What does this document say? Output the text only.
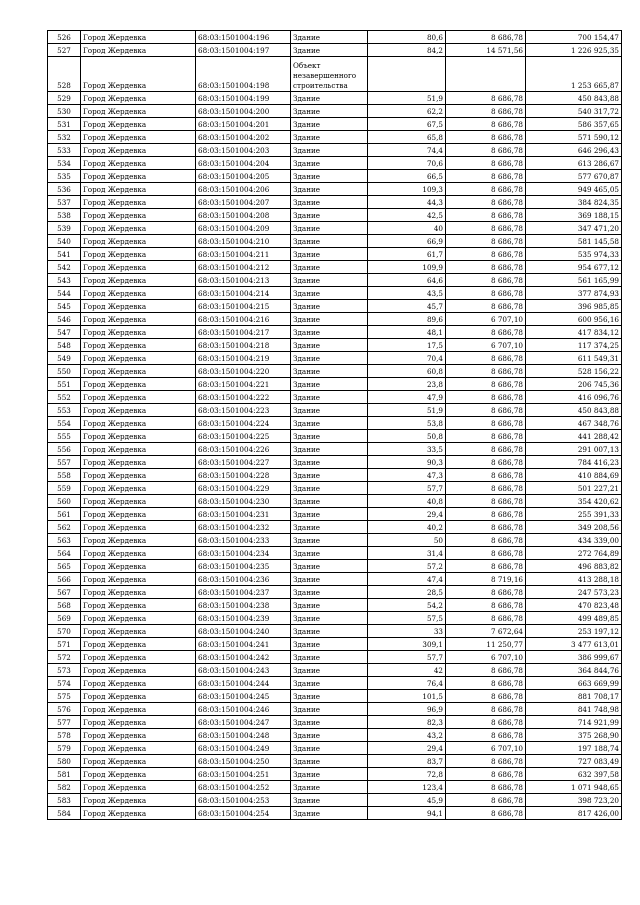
526	Город Жердевка	68:03:1501004:196	Здание	80,6	8 686,78	700 154,47
527	Город Жердевка	68:03:1501004:197	Здание	84,2	14 571,56	1 226 925,35
528	Город Жердевка	68:03:1501004:198	Объект незавершенного строительства			1 253 665,87
529	Город Жердевка	68:03:1501004:199	Здание	51,9	8 686,78	450 843,88
530	Город Жердевка	68:03:1501004:200	Здание	62,2	8 686,78	540 317,72
531	Город Жердевка	68:03:1501004:201	Здание	67,5	8 686,78	586 357,65
532	Город Жердевка	68:03:1501004:202	Здание	65,8	8 686,78	571 590,12
533	Город Жердевка	68:03:1501004:203	Здание	74,4	8 686,78	646 296,43
534	Город Жердевка	68:03:1501004:204	Здание	70,6	8 686,78	613 286,67
535	Город Жердевка	68:03:1501004:205	Здание	66,5	8 686,78	577 670,87
536	Город Жердевка	68:03:1501004:206	Здание	109,3	8 686,78	949 465,05
537	Город Жердевка	68:03:1501004:207	Здание	44,3	8 686,78	384 824,35
538	Город Жердевка	68:03:1501004:208	Здание	42,5	8 686,78	369 188,15
539	Город Жердевка	68:03:1501004:209	Здание	40	8 686,78	347 471,20
540	Город Жердевка	68:03:1501004:210	Здание	66,9	8 686,78	581 145,58
541	Город Жердевка	68:03:1501004:211	Здание	61,7	8 686,78	535 974,33
542	Город Жердевка	68:03:1501004:212	Здание	109,9	8 686,78	954 677,12
543	Город Жердевка	68:03:1501004:213	Здание	64,6	8 686,78	561 165,99
544	Город Жердевка	68:03:1501004:214	Здание	43,5	8 686,78	377 874,93
545	Город Жердевка	68:03:1501004:215	Здание	45,7	8 686,78	396 985,85
546	Город Жердевка	68:03:1501004:216	Здание	89,6	6 707,10	600 956,16
547	Город Жердевка	68:03:1501004:217	Здание	48,1	8 686,78	417 834,12
548	Город Жердевка	68:03:1501004:218	Здание	17,5	6 707,10	117 374,25
549	Город Жердевка	68:03:1501004:219	Здание	70,4	8 686,78	611 549,31
550	Город Жердевка	68:03:1501004:220	Здание	60,8	8 686,78	528 156,22
551	Город Жердевка	68:03:1501004:221	Здание	23,8	8 686,78	206 745,36
552	Город Жердевка	68:03:1501004:222	Здание	47,9	8 686,78	416 096,76
553	Город Жердевка	68:03:1501004:223	Здание	51,9	8 686,78	450 843,88
554	Город Жердевка	68:03:1501004:224	Здание	53,8	8 686,78	467 348,76
555	Город Жердевка	68:03:1501004:225	Здание	50,8	8 686,78	441 288,42
556	Город Жердевка	68:03:1501004:226	Здание	33,5	8 686,78	291 007,13
557	Город Жердевка	68:03:1501004:227	Здание	90,3	8 686,78	784 416,23
558	Город Жердевка	68:03:1501004:228	Здание	47,3	8 686,78	410 884,69
559	Город Жердевка	68:03:1501004:229	Здание	57,7	8 686,78	501 227,21
560	Город Жердевка	68:03:1501004:230	Здание	40,8	8 686,78	354 420,62
561	Город Жердевка	68:03:1501004:231	Здание	29,4	8 686,78	255 391,33
562	Город Жердевка	68:03:1501004:232	Здание	40,2	8 686,78	349 208,56
563	Город Жердевка	68:03:1501004:233	Здание	50	8 686,78	434 339,00
564	Город Жердевка	68:03:1501004:234	Здание	31,4	8 686,78	272 764,89
565	Город Жердевка	68:03:1501004:235	Здание	57,2	8 686,78	496 883,82
566	Город Жердевка	68:03:1501004:236	Здание	47,4	8 719,16	413 288,18
567	Город Жердевка	68:03:1501004:237	Здание	28,5	8 686,78	247 573,23
568	Город Жердевка	68:03:1501004:238	Здание	54,2	8 686,78	470 823,48
569	Город Жердевка	68:03:1501004:239	Здание	57,5	8 686,78	499 489,85
570	Город Жердевка	68:03:1501004:240	Здание	33	7 672,64	253 197,12
571	Город Жердевка	68:03:1501004:241	Здание	309,1	11 250,77	3 477 613,01
572	Город Жердевка	68:03:1501004:242	Здание	57,7	6 707,10	386 999,67
573	Город Жердевка	68:03:1501004:243	Здание	42	8 686,78	364 844,76
574	Город Жердевка	68:03:1501004:244	Здание	76,4	8 686,78	663 669,99
575	Город Жердевка	68:03:1501004:245	Здание	101,5	8 686,78	881 708,17
576	Город Жердевка	68:03:1501004:246	Здание	96,9	8 686,78	841 748,98
577	Город Жердевка	68:03:1501004:247	Здание	82,3	8 686,78	714 921,99
578	Город Жердевка	68:03:1501004:248	Здание	43,2	8 686,78	375 268,90
579	Город Жердевка	68:03:1501004:249	Здание	29,4	6 707,10	197 188,74
580	Город Жердевка	68:03:1501004:250	Здание	83,7	8 686,78	727 083,49
581	Город Жердевка	68:03:1501004:251	Здание	72,8	8 686,78	632 397,58
582	Город Жердевка	68:03:1501004:252	Здание	123,4	8 686,78	1 071 948,65
583	Город Жердевка	68:03:1501004:253	Здание	45,9	8 686,78	398 723,20
584	Город Жердевка	68:03:1501004:254	Здание	94,1	8 686,78	817 426,00
